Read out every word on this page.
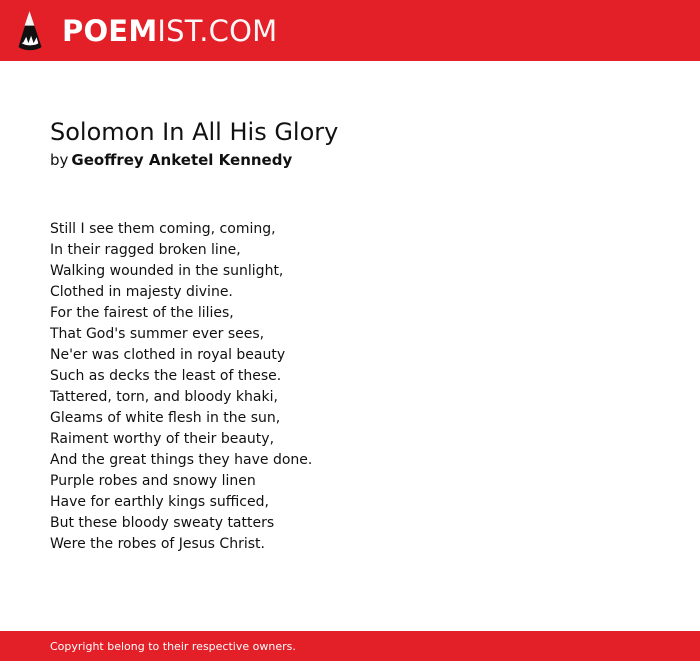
POEMIST.COM
Solomon In All His Glory
by Geoffrey Anketel Kennedy
Still I see them coming, coming,
In their ragged broken line,
Walking wounded in the sunlight,
Clothed in majesty divine.
For the fairest of the lilies,
That God's summer ever sees,
Ne'er was clothed in royal beauty
Such as decks the least of these.
Tattered, torn, and bloody khaki,
Gleams of white flesh in the sun,
Raiment worthy of their beauty,
And the great things they have done.
Purple robes and snowy linen
Have for earthly kings sufficed,
But these bloody sweaty tatters
Were the robes of Jesus Christ.
Copyright belong to their respective owners.
